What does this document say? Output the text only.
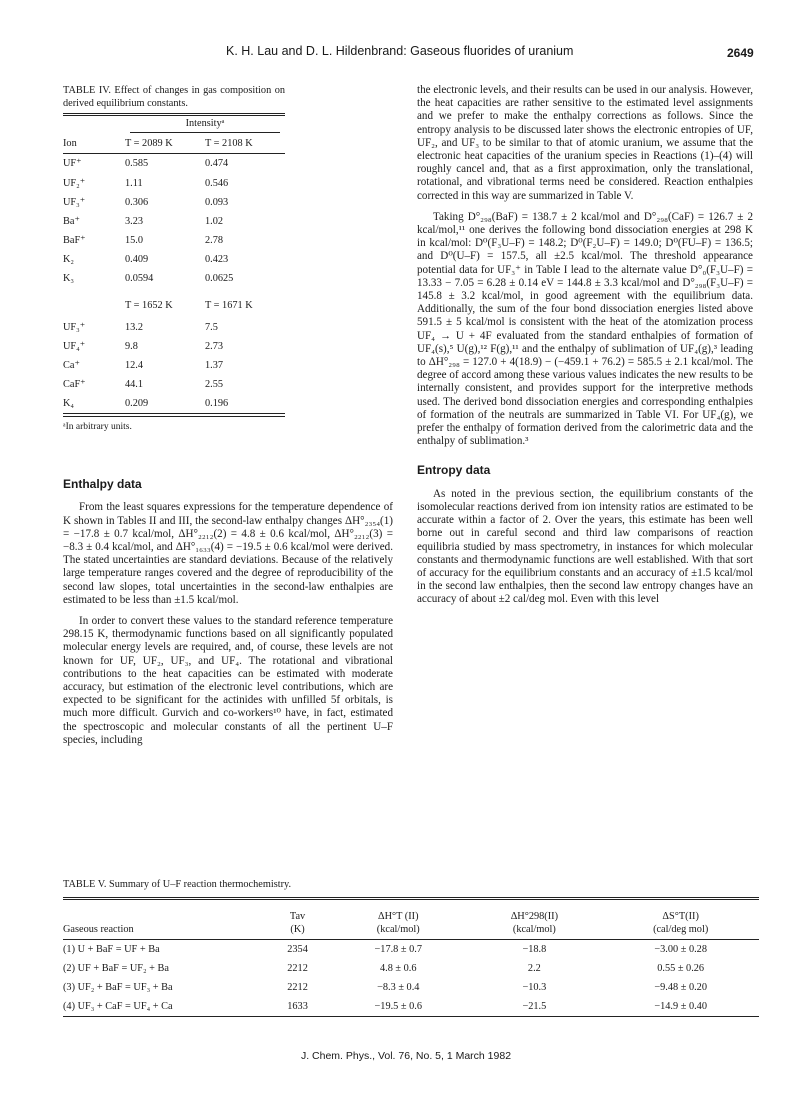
K. H. Lau and D. L. Hildenbrand: Gaseous fluorides of uranium	2649

TABLE IV. Effect of changes in gas composition on derived equilibrium constants.

	Intensityᵃ	
Ion	T = 2089 K	T = 2108 K
UF⁺	0.585	0.474
UF₂⁺	1.11	0.546
UF₃⁺	0.306	0.093
Ba⁺	3.23	1.02
BaF⁺	15.0	2.78
K₂	0.409	0.423
K₃	0.0594	0.0625
	T = 1652 K	T = 1671 K
UF₃⁺	13.2	7.5
UF₄⁺	9.8	2.73
Ca⁺	12.4	1.37
CaF⁺	44.1	2.55
K₄	0.209	0.196
ᵃIn arbitrary units.
Enthalpy data

From the least squares expressions for the temperature dependence of K shown in Tables II and III, the second-law enthalpy changes ΔH°₂₃₅₄(1) = −17.8 ± 0.7 kcal/mol, ΔH°₂₂₁₂(2) = 4.8 ± 0.6 kcal/mol, ΔH°₂₂₁₂(3) = −8.3 ± 0.4 kcal/mol, and ΔH°₁₆₃₃(4) = −19.5 ± 0.6 kcal/mol were derived. The stated uncertainties are standard deviations. Because of the relatively large temperature ranges covered and the degree of reproducibility of the second law slopes, total uncertainties in the second-law enthalpies are estimated to be less than ±1.5 kcal/mol.

In order to convert these values to the standard reference temperature 298.15 K, thermodynamic functions based on all significantly populated molecular energy levels are required, and, of course, these levels are not known for UF, UF₂, UF₃, and UF₄. The rotational and vibrational contributions to the heat capacities can be estimated with moderate accuracy, but estimation of the electronic level contributions, which are expected to be significant for the actinides with unfilled 5f orbitals, is much more difficult. Gurvich and co-workers¹⁰ have, in fact, estimated the spectroscopic and molecular constants of all the pertinent U–F species, including

the electronic levels, and their results can be used in our analysis. However, the heat capacities are rather sensitive to the estimated level assignments and we prefer to make the enthalpy corrections as follows. Since the entropy analysis to be discussed later shows the electronic entropies of UF, UF₂, and UF₃ to be similar to that of atomic uranium, we assume that the electronic heat capacities of the uranium species in Reactions (1)–(4) will roughly cancel and, that as a first approximation, only the translational, rotational, and vibrational terms need be considered. Reaction enthalpies corrected in this way are summarized in Table V.

Taking D°₂₉₈(BaF) = 138.7 ± 2 kcal/mol and D°₂₉₈(CaF) = 126.7 ± 2 kcal/mol,¹¹ one derives the following bond dissociation energies at 298 K in kcal/mol: D⁰(F₃U–F) = 148.2; D⁰(F₂U–F) = 149.0; D⁰(FU–F) = 136.5; and D⁰(U–F) = 157.5, all ±2.5 kcal/mol. The threshold appearance potential data for UF₃⁺ in Table I lead to the alternate value D°₀(F₃U–F) = 13.33 − 7.05 = 6.28 ± 0.14 eV = 144.8 ± 3.3 kcal/mol and D°₂₉₈(F₃U–F) = 145.8 ± 3.2 kcal/mol, in good agreement with the equilibrium data. Additionally, the sum of the four bond dissociation energies listed above 591.5 ± 5 kcal/mol is consistent with the heat of the atomization process UF₄ → U + 4F evaluated from the standard enthalpies of formation of UF₄(s),⁵ U(g),¹² F(g),¹¹ and the enthalpy of sublimation of UF₄(g),³ leading to ΔH°₂₉₈ = 127.0 + 4(18.9) − (−459.1 + 76.2) = 585.5 ± 2.1 kcal/mol. The degree of accord among these various values indicates the new results to be internally consistent, and provides support for the interpretive methods used. The derived bond dissociation energies and corresponding enthalpies of formation of the neutrals are summarized in Table VI. For UF₄(g), we prefer the enthalpy of formation derived from the calorimetric data and the enthalpy of sublimation.³

Entropy data

As noted in the previous section, the equilibrium constants of the isomolecular reactions derived from ion intensity ratios are estimated to be accurate within a factor of 2. Over the years, this estimate has been well borne out in careful second and third law comparisons of reaction equilibria studied by mass spectrometry, in instances for which molecular constants and thermodynamic functions are well established. With that sort of accuracy for the equilibrium constants and an accuracy of ±1.5 kcal/mol in the second law enthalpies, then the second law entropy changes have an accuracy of about ±2 cal/deg mol. Even with this level

TABLE V. Summary of U–F reaction thermochemistry.

	Tav	ΔH°T (II)	ΔH°298(II)	ΔS°T(II)
Gaseous reaction	(K)	(kcal/mol)	(kcal/mol)	(cal/deg mol)
(1) U + BaF = UF + Ba	2354	−17.8 ± 0.7	−18.8	−3.00 ± 0.28
(2) UF + BaF = UF₂ + Ba	2212	4.8 ± 0.6	2.2	0.55 ± 0.26
(3) UF₂ + BaF = UF₃ + Ba	2212	−8.3 ± 0.4	−10.3	−9.48 ± 0.20
(4) UF₃ + CaF = UF₄ + Ca	1633	−19.5 ± 0.6	−21.5	−14.9 ± 0.40
J. Chem. Phys., Vol. 76, No. 5, 1 March 1982
